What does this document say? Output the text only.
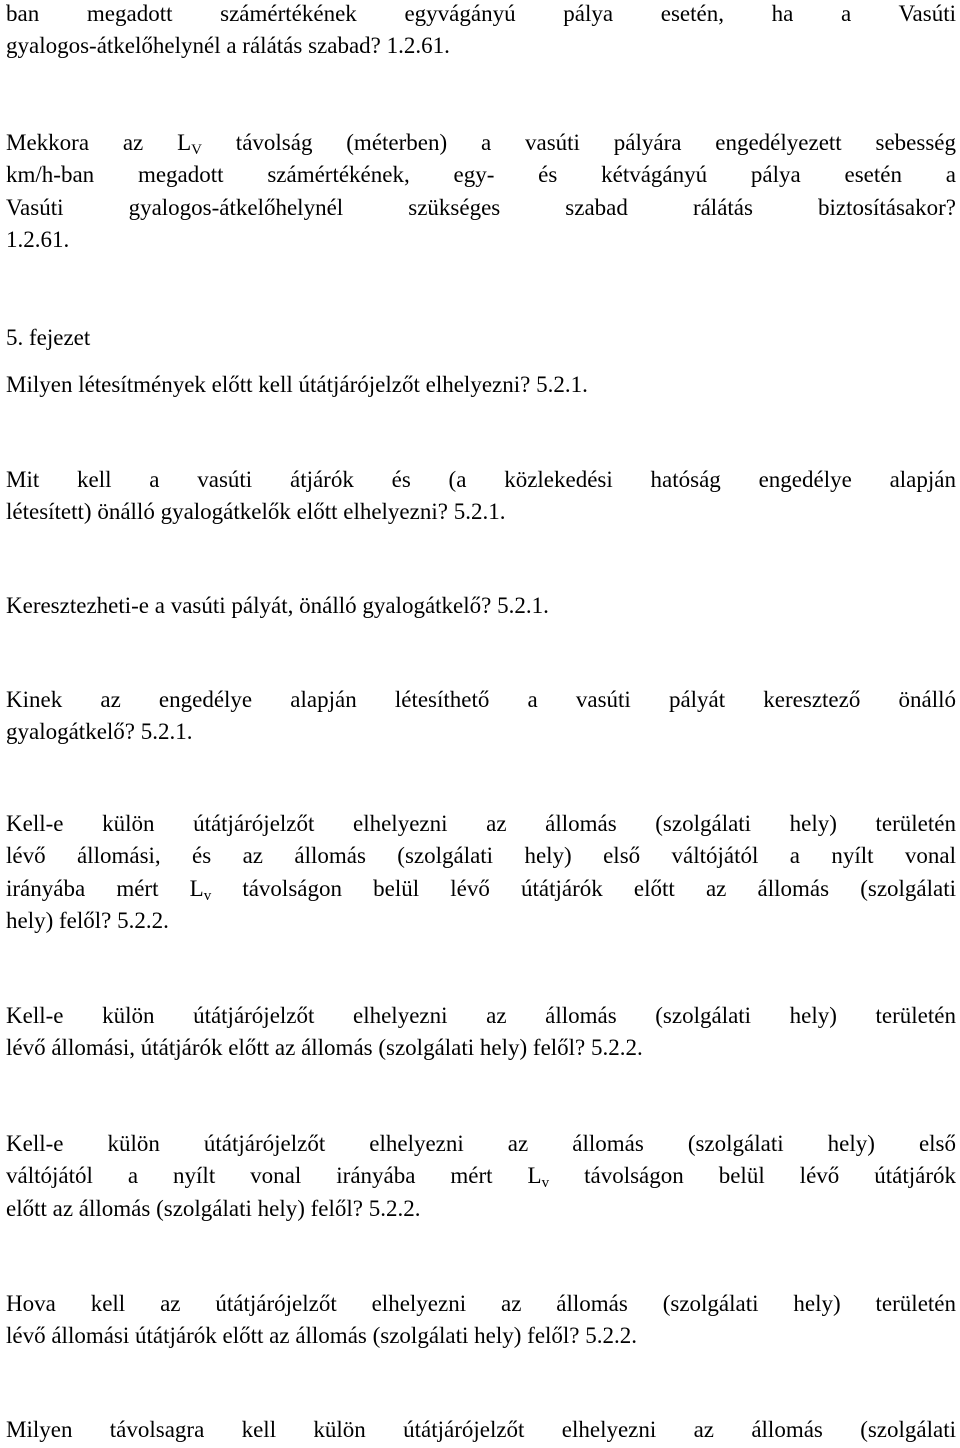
ban megadott számértékének egyvágányú pálya esetén, ha a Vasúti
gyalogos-átkelőhelynél a rálátás szabad? 1.2.61.
Mekkora az $L_V$ távolság (méterben) a vasúti pályára engedélyezett sebesség
km/h-ban megadott számértékének, egy- és kétvágányú pálya esetén a
Vasúti gyalogos-átkelőhelynél szükséges szabad rálátás biztosításakor?
1.2.61.
5. fejezet
Milyen létesítmények előtt kell útátjárójelzőt elhelyezni? 5.2.1.
Mit kell a vasúti átjárók és (a közlekedési hatóság engedélye alapján
létesített) önálló gyalogátkelők előtt elhelyezni? 5.2.1.
Keresztezheti-e a vasúti pályát, önálló gyalogátkelő? 5.2.1.
Kinek az engedélye alapján létesíthető a vasúti pályát keresztező önálló
gyalogátkelő? 5.2.1.
Kell-e külön útátjárójelzőt elhelyezni az állomás (szolgálati hely) területén
lévő állomási, és az állomás (szolgálati hely) első váltójától a nyílt vonal
irányába mért $L_v$ távolságon belül lévő útátjárók előtt az állomás (szolgálati
hely) felől? 5.2.2.
Kell-e külön útátjárójelzőt elhelyezni az állomás (szolgálati hely) területén
lévő állomási, útátjárók előtt az állomás (szolgálati hely) felől? 5.2.2.
Kell-e külön útátjárójelzőt elhelyezni az állomás (szolgálati hely) első
váltójától a nyílt vonal irányába mért $L_v$ távolságon belül lévő útátjárók
előtt az állomás (szolgálati hely) felől? 5.2.2.
Hova kell az útátjárójelzőt elhelyezni az állomás (szolgálati hely) területén
lévő állomási útátjárók előtt az állomás (szolgálati hely) felől? 5.2.2.
Milyen távolsagra kell külön útátjárójelzőt elhelyezni az állomás (szolgálati
